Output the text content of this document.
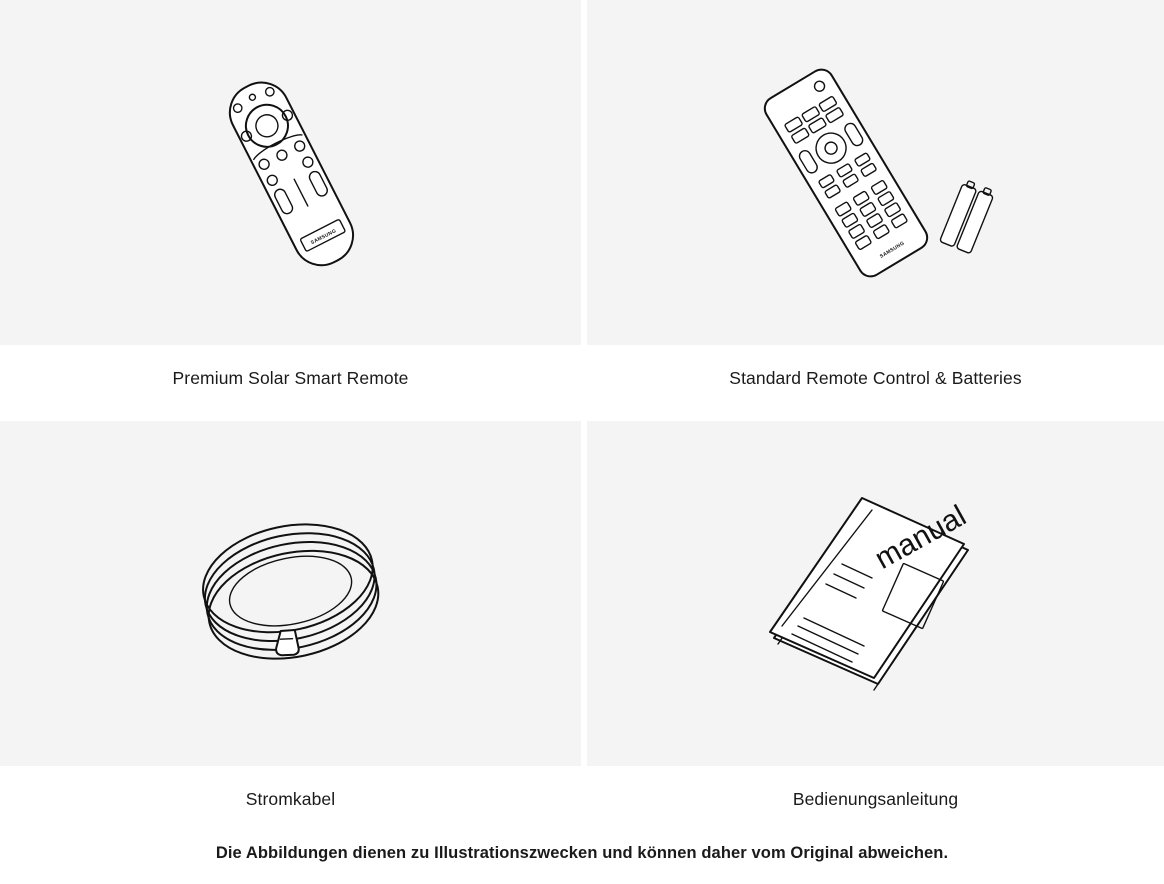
SAMSUNG
Premium Solar Smart Remote
SAMSUNG
Standard Remote Control & Batteries
Stromkabel
manual
Bedienungsanleitung
Die Abbildungen dienen zu Illustrationszwecken und können daher vom Original abweichen.
